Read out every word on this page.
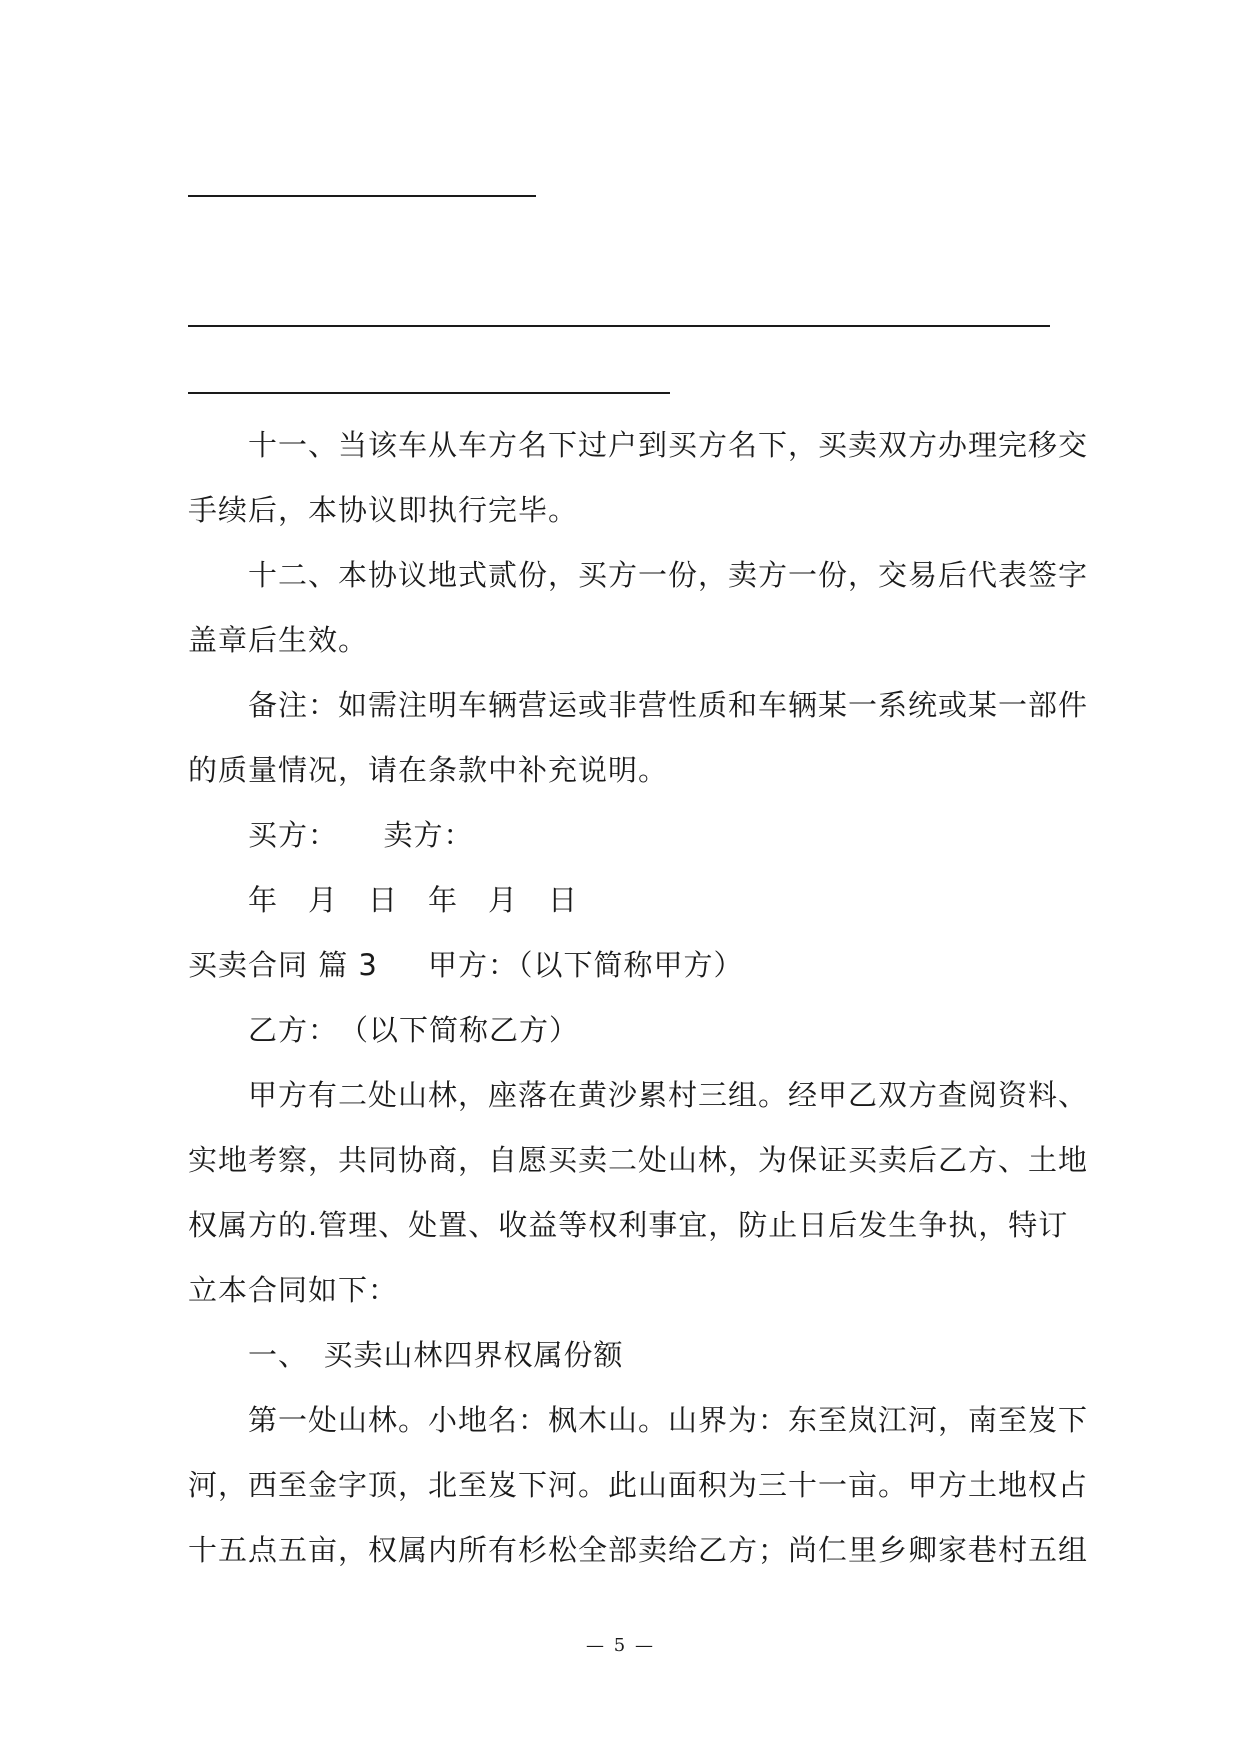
十一、当该车从车方名下过户到买方名下，买卖双方办理完移交
手续后，本协议即执行完毕。
十二、本协议地式贰份，买方一份，卖方一份，交易后代表签字
盖章后生效。
备注：如需注明车辆营运或非营性质和车辆某一系统或某一部件
的质量情况，请在条款中补充说明。
买方：　　卖方：
年　月　日　年　月　日
买卖合同 篇 3 甲方：（以下简称甲方）
乙方：　（以下简称乙方）
甲方有二处山林，座落在黄沙累村三组。经甲乙双方查阅资料、
实地考察，共同协商，自愿买卖二处山林，为保证买卖后乙方、土地
权属方的.管理、处置、收益等权利事宜，防止日后发生争执，特订
立本合同如下：
一、　买卖山林四界权属份额
第一处山林。小地名：枫木山。山界为：东至岚江河，南至岌下
河，西至金字顶，北至岌下河。此山面积为三十一亩。甲方土地权占
十五点五亩，权属内所有杉松全部卖给乙方；尚仁里乡卿家巷村五组
— 5 —
